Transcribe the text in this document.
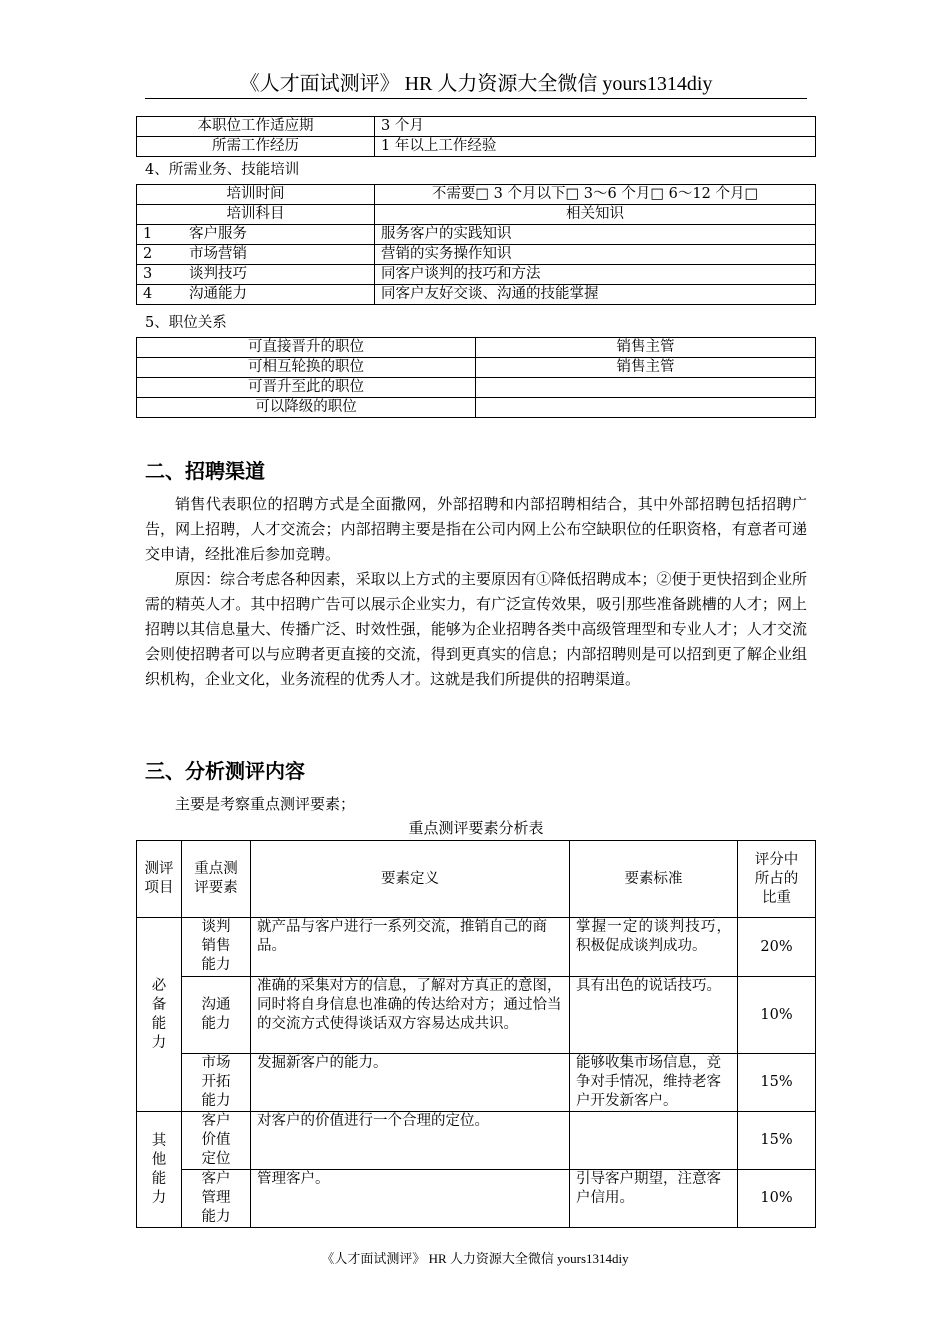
《人才面试测评》 HR 人力资源大全微信 yours1314diy
本职位工作适应期	3 个月
所需工作经历	1 年以上工作经验
4、所需业务、技能培训
培训时间	不需要□ 3 个月以下□ 3～6 个月□ 6～12 个月□
培训科目	相关知识
1 客户服务	服务客户的实践知识
2 市场营销	营销的实务操作知识
3 谈判技巧	同客户谈判的技巧和方法
4 沟通能力	同客户友好交谈、沟通的技能掌握
5、职位关系
可直接晋升的职位	销售主管
可相互轮换的职位	销售主管
可晋升至此的职位	
可以降级的职位	
二、招聘渠道

销售代表职位的招聘方式是全面撒网，外部招聘和内部招聘相结合，其中外部招聘包括招聘广告，网上招聘，人才交流会；内部招聘主要是指在公司内网上公布空缺职位的任职资格，有意者可递交申请，经批准后参加竞聘。

原因：综合考虑各种因素，采取以上方式的主要原因有①降低招聘成本；②便于更快招到企业所需的精英人才。其中招聘广告可以展示企业实力，有广泛宣传效果，吸引那些准备跳槽的人才；网上招聘以其信息量大、传播广泛、时效性强，能够为企业招聘各类中高级管理型和专业人才；人才交流会则使招聘者可以与应聘者更直接的交流，得到更真实的信息；内部招聘则是可以招到更了解企业组织机构，企业文化，业务流程的优秀人才。这就是我们所提供的招聘渠道。

三、分析测评内容
主要是考察重点测评要素；
重点测评要素分析表
测评项目	重点测评要素	要素定义	要素标准	评分中所占的比重
必备能力	谈判销售能力	就产品与客户进行一系列交流，推销自己的商品。	掌握一定的谈判技巧，积极促成谈判成功。	20%
	沟通能力	准确的采集对方的信息，了解对方真正的意图，同时将自身信息也准确的传达给对方；通过恰当的交流方式使得谈话双方容易达成共识。	具有出色的说话技巧。	10%
	市场开拓能力	发掘新客户的能力。	能够收集市场信息，竞争对手情况，维持老客户开发新客户。	15%
其他能力	客户价值定位	对客户的价值进行一个合理的定位。		15%
	客户管理能力	管理客户。	引导客户期望，注意客户信用。	10%
《人才面试测评》 HR 人力资源大全微信 yours1314diy
